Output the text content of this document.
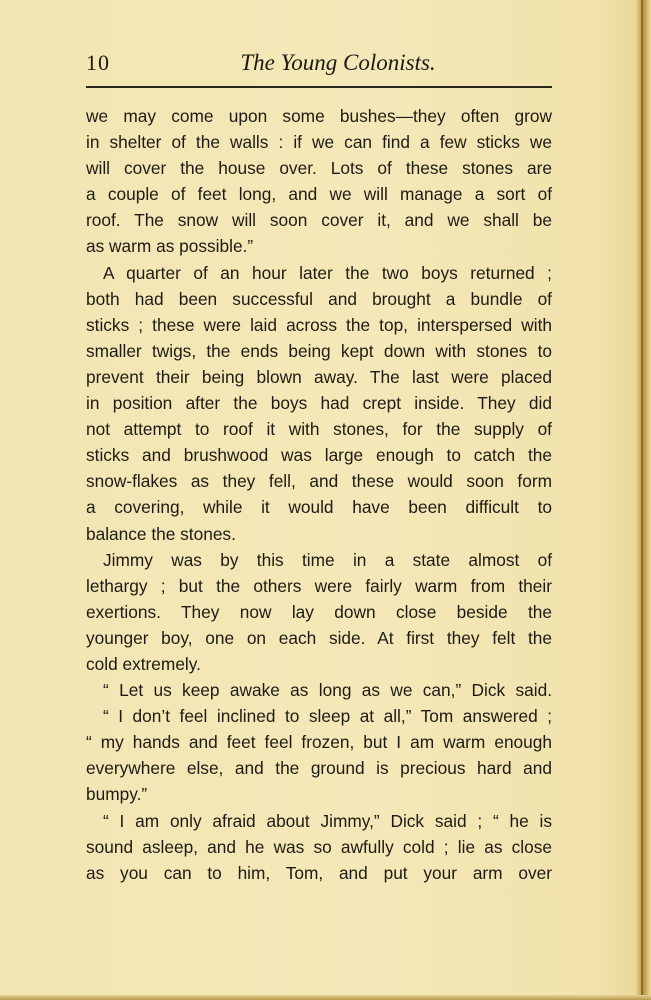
10	The Young Colonists.
we may come upon some bushes—they often grow
in shelter of the walls : if we can find a few sticks we
will cover the house over. Lots of these stones are
a couple of feet long, and we will manage a sort of
roof. The snow will soon cover it, and we shall be
as warm as possible.”
A quarter of an hour later the two boys returned ;
both had been successful and brought a bundle of
sticks ; these were laid across the top, interspersed with
smaller twigs, the ends being kept down with stones to
prevent their being blown away. The last were placed
in position after the boys had crept inside. They did
not attempt to roof it with stones, for the supply of
sticks and brushwood was large enough to catch the
snow-flakes as they fell, and these would soon form
a covering, while it would have been difficult to
balance the stones.
Jimmy was by this time in a state almost of
lethargy ; but the others were fairly warm from their
exertions. They now lay down close beside the
younger boy, one on each side. At first they felt the
cold extremely.
“ Let us keep awake as long as we can,” Dick said.
“ I don’t feel inclined to sleep at all,” Tom answered ;
“ my hands and feet feel frozen, but I am warm enough
everywhere else, and the ground is precious hard and
bumpy.”
“ I am only afraid about Jimmy,” Dick said ; “ he is
sound asleep, and he was so awfully cold ; lie as close
as you can to him, Tom, and put your arm over
